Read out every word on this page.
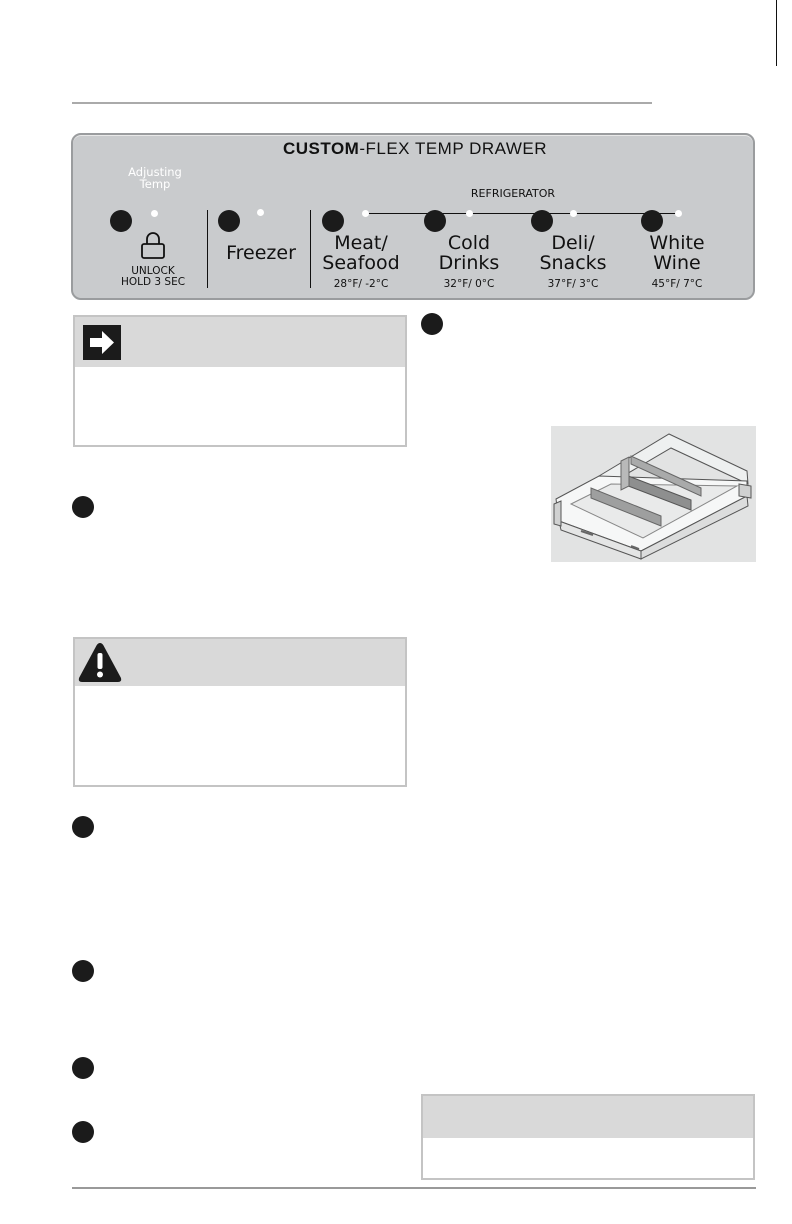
CUSTOM-FLEX TEMP DRAWER
Adjusting
Temp
UNLOCK
HOLD 3 SEC
Freezer
REFRIGERATOR
Meat/
Seafood
28°F/ -2°C
Cold
Drinks
32°F/ 0°C
Deli/
Snacks
37°F/ 3°C
White
Wine
45°F/ 7°C
